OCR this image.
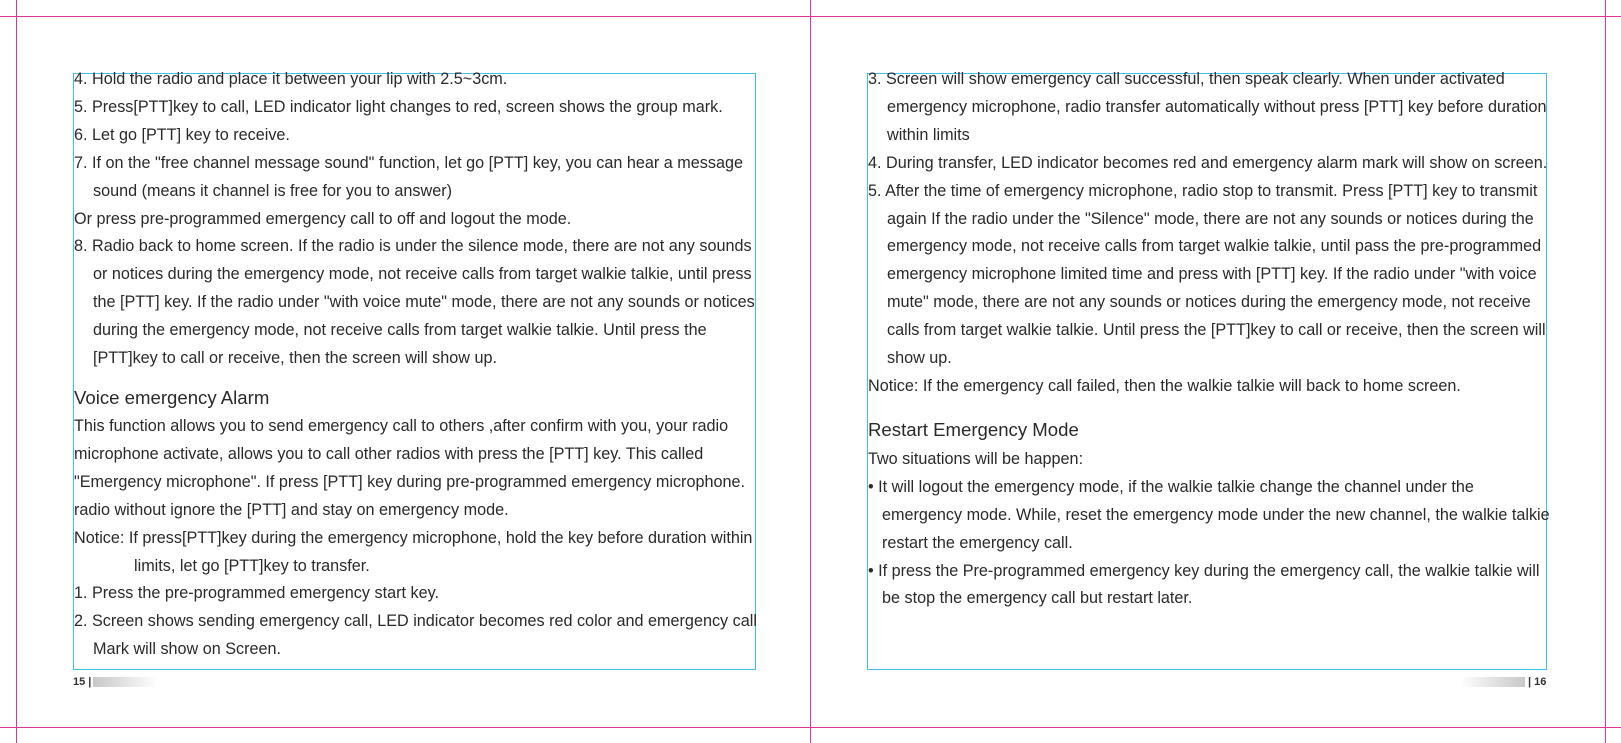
4. Hold the radio and place it between your lip with 2.5~3cm.

5. Press[PTT]key to call, LED indicator light changes to red, screen shows the group mark.

6. Let go [PTT] key to receive.

7. If on the "free channel message sound" function, let go [PTT] key, you can hear a message sound (means it channel is free for you to answer)

Or press pre-programmed emergency call to off and logout the mode.

8. Radio back to home screen. If the radio is under the silence mode, there are not any sounds or notices during the emergency mode, not receive calls from target walkie talkie, until press the [PTT] key. If the radio under "with voice mute" mode, there are not any sounds or notices during the emergency mode, not receive calls from target walkie talkie. Until press the [PTT]key to call or receive, then the screen will show up.

Voice emergency Alarm

This function allows you to send emergency call to others ,after confirm with you, your radio microphone activate, allows you to call other radios with press the [PTT] key. This called "Emergency microphone". If press [PTT] key during pre-programmed emergency microphone. radio without ignore the [PTT] and stay on emergency mode.

Notice: If press[PTT]key during the emergency microphone, hold the key before duration within limits, let go [PTT]key to transfer.

1. Press the pre-programmed emergency start key.

2. Screen shows sending emergency call, LED indicator becomes red color and emergency call Mark will show on Screen.

3. Screen will show emergency call successful, then speak clearly. When under activated emergency microphone, radio transfer automatically without press [PTT] key before duration within limits

4. During transfer, LED indicator becomes red and emergency alarm mark will show on screen.

5. After the time of emergency microphone, radio stop to transmit. Press [PTT] key to transmit again If the radio under the "Silence" mode, there are not any sounds or notices during the emergency mode, not receive calls from target walkie talkie, until pass the pre-programmed emergency microphone limited time and press with [PTT] key. If the radio under "with voice mute" mode, there are not any sounds or notices during the emergency mode, not receive calls from target walkie talkie. Until press the [PTT]key to call or receive, then the screen will show up.

Notice: If the emergency call failed, then the walkie talkie will back to home screen.

Restart Emergency Mode

Two situations will be happen:

• It will logout the emergency mode, if the walkie talkie change the channel under the emergency mode. While, reset the emergency mode under the new channel, the walkie talkie restart the emergency call.

• If press the Pre-programmed emergency key during the emergency call, the walkie talkie will be stop the emergency call but restart later.

15 |	| 16
